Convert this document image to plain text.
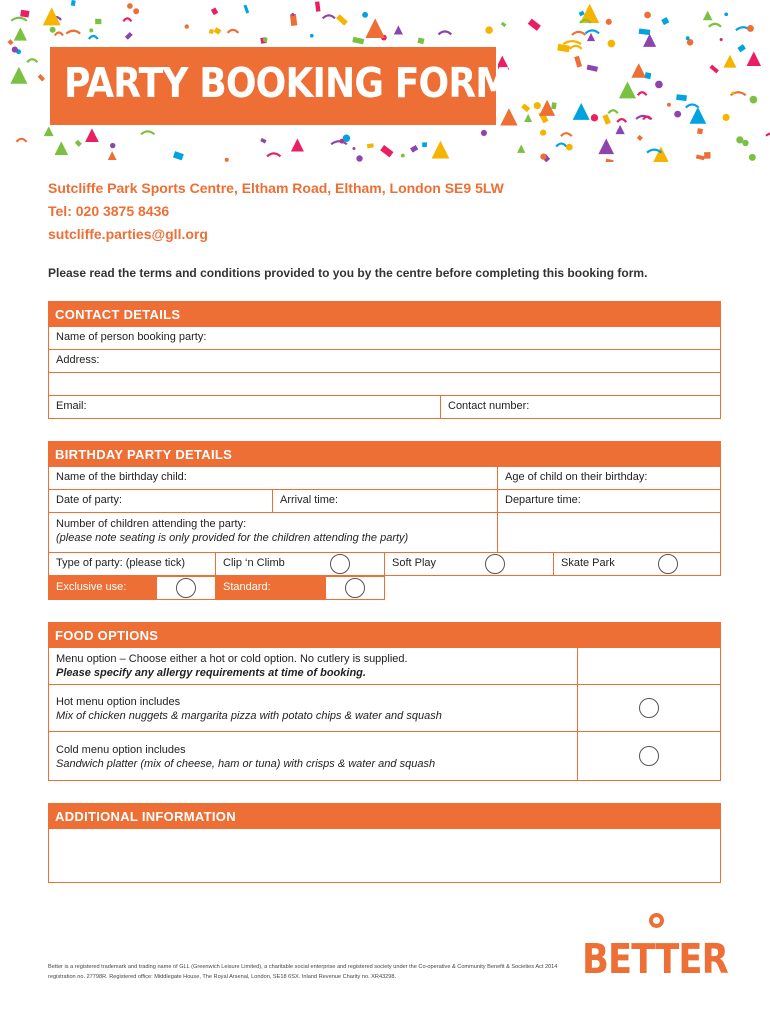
PARTY BOOKING FORM
Sutcliffe Park Sports Centre, Eltham Road, Eltham, London SE9 5LW
Tel: 020 3875 8436
sutcliffe.parties@gll.org
Please read the terms and conditions provided to you by the centre before completing this booking form.
CONTACT DETAILS
Name of person booking party:
Address:
Email:	Contact number:
BIRTHDAY PARTY DETAILS
Name of the birthday child:	Age of child on their birthday:
Date of party:	Arrival time:	Departure time:
Number of children attending the party:
(please note seating is only provided for the children attending the party)
Type of party: (please tick)	Clip ‘n Climb	Soft Play	Skate Park
Exclusive use:	Standard:
FOOD OPTIONS
Menu option – Choose either a hot or cold option. No cutlery is supplied.
Please specify any allergy requirements at time of booking.
Hot menu option includes
Mix of chicken nuggets & margarita pizza with potato chips & water and squash
Cold menu option includes
Sandwich platter (mix of cheese, ham or tuna) with crisps & water and squash
ADDITIONAL INFORMATION
Better is a registered trademark and trading name of GLL (Greenwich Leisure Limited), a charitable social enterprise and registered society under the Co-operative & Community Benefit & Societies Act 2014 registration no. 27798R. Registered office: Middlegate House, The Royal Arsenal, London, SE18 6SX. Inland Revenue Charity no. XR43298.	BETTER
